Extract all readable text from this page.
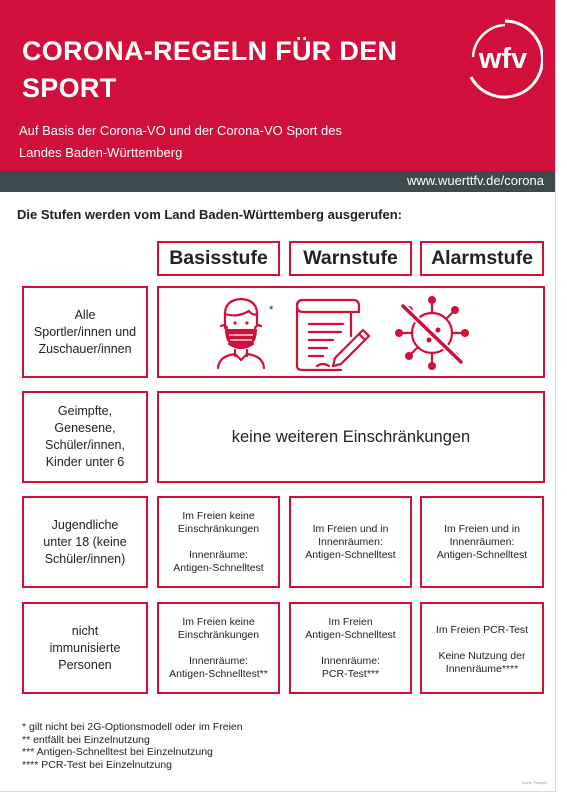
CORONA-REGELN FÜR DEN
SPORT
Auf Basis der Corona-VO und der Corona-VO Sport des
Landes Baden-Württemberg
wfv
www.wuerttfv.de/corona
Die Stufen werden vom Land Baden-Württemberg ausgerufen:
Basisstufe	Warnstufe	Alarmstufe
Alle
Sportler/innen und
Zuschauer/innen
*
Geimpfte,
Genesene,
Schüler/innen,
Kinder unter 6
keine weiteren Einschränkungen
Jugendliche
unter 18 (keine
Schüler/innen)
Im Freien keine
Einschränkungen
Innenräume:
Antigen-Schnelltest
Im Freien und in
Innenräumen:
Antigen-Schnelltest
Im Freien und in
Innenräumen:
Antigen-Schnelltest
nicht
immunisierte
Personen
Im Freien keine
Einschränkungen
Innenräume:
Antigen-Schnelltest**
Im Freien
Antigen-Schnelltest
Innenräume:
PCR-Test***
Im Freien PCR-Test
Keine Nutzung der
Innenräume****
* gilt nicht bei 2G-Optionsmodell oder im Freien
** entfällt bei Einzelnutzung
*** Antigen-Schnelltest bei Einzelnutzung
**** PCR-Test bei Einzelnutzung
Icons: Freepik
